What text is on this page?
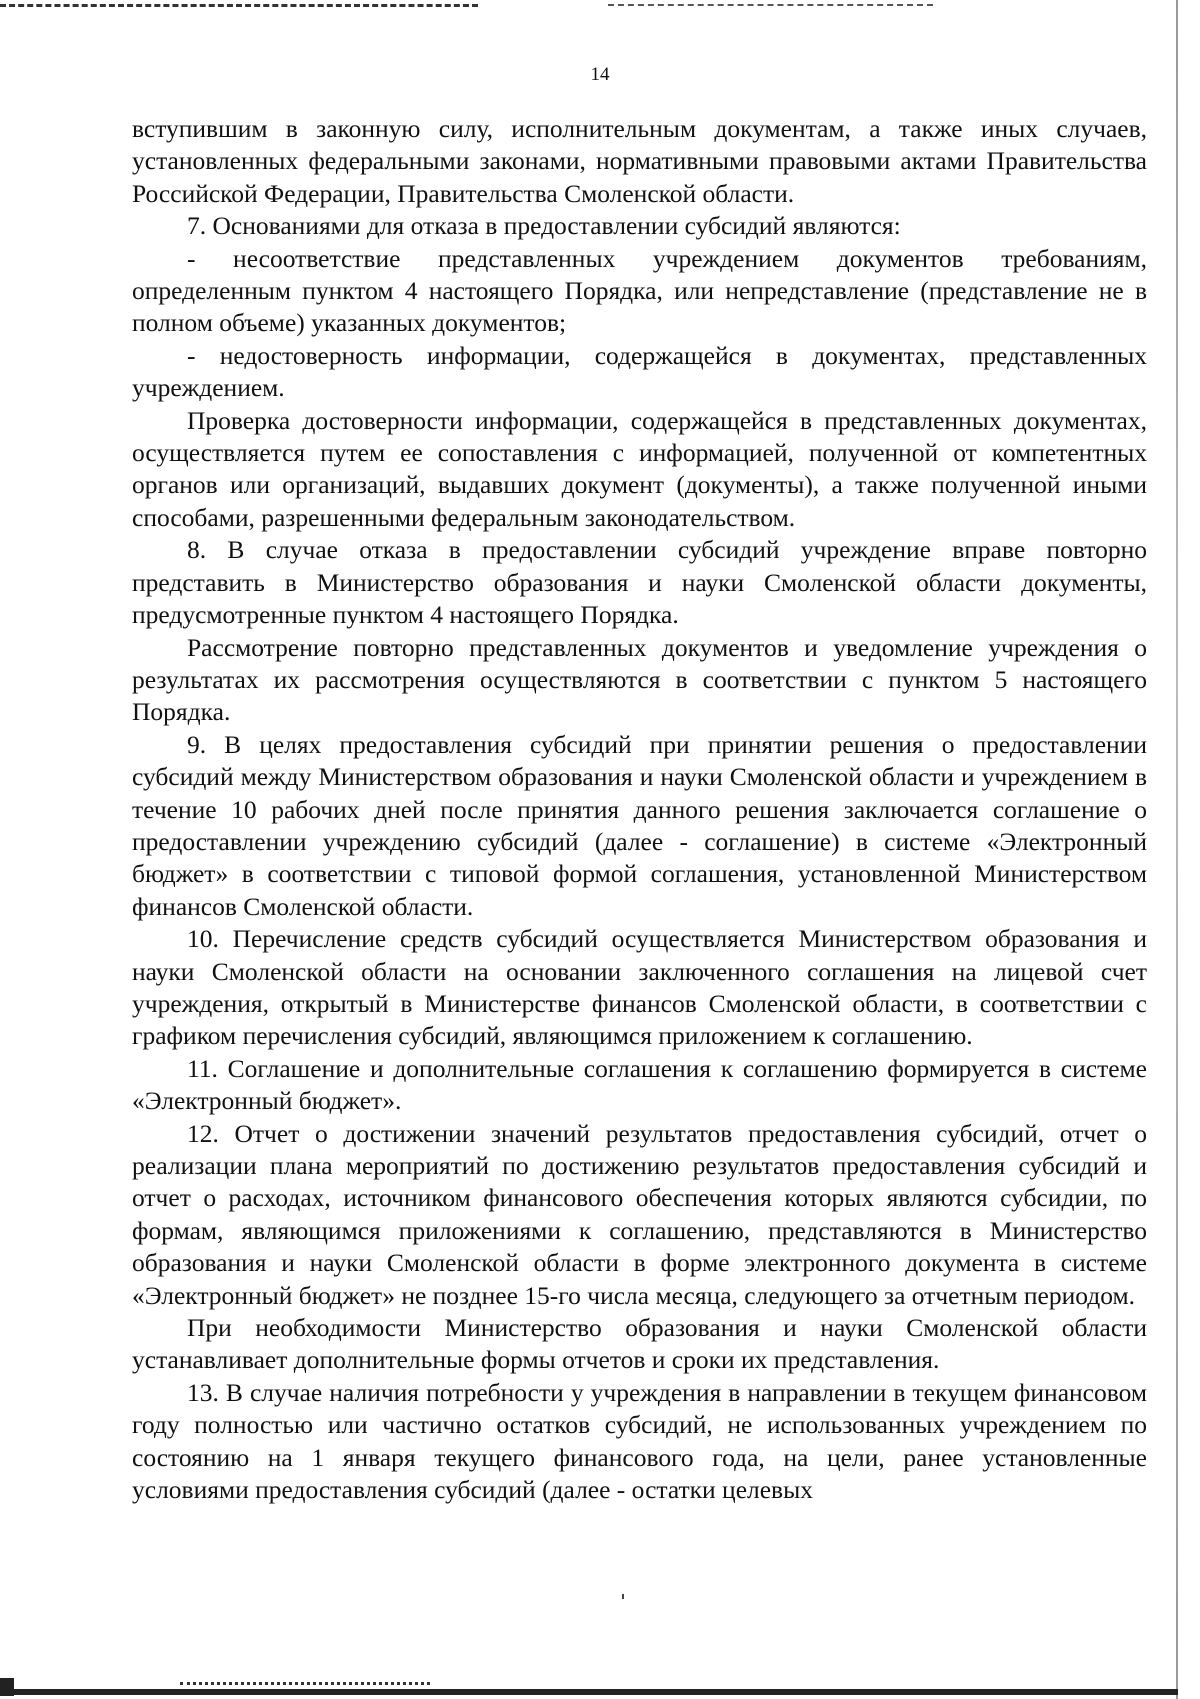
14

вступившим в законную силу, исполнительным документам, а также иных случаев, установленных федеральными законами, нормативными правовыми актами Правительства Российской Федерации, Правительства Смоленской области.

7. Основаниями для отказа в предоставлении субсидий являются:

- несоответствие представленных учреждением документов требованиям, определенным пунктом 4 настоящего Порядка, или непредставление (представление не в полном объеме) указанных документов;

- недостоверность информации, содержащейся в документах, представленных учреждением.

Проверка достоверности информации, содержащейся в представленных документах, осуществляется путем ее сопоставления с информацией, полученной от компетентных органов или организаций, выдавших документ (документы), а также полученной иными способами, разрешенными федеральным законодательством.

8. В случае отказа в предоставлении субсидий учреждение вправе повторно представить в Министерство образования и науки Смоленской области документы, предусмотренные пунктом 4 настоящего Порядка.

Рассмотрение повторно представленных документов и уведомление учреждения о результатах их рассмотрения осуществляются в соответствии с пунктом 5 настоящего Порядка.

9. В целях предоставления субсидий при принятии решения о предоставлении субсидий между Министерством образования и науки Смоленской области и учреждением в течение 10 рабочих дней после принятия данного решения заключается соглашение о предоставлении учреждению субсидий (далее - соглашение) в системе «Электронный бюджет» в соответствии с типовой формой соглашения, установленной Министерством финансов Смоленской области.

10. Перечисление средств субсидий осуществляется Министерством образования и науки Смоленской области на основании заключенного соглашения на лицевой счет учреждения, открытый в Министерстве финансов Смоленской области, в соответствии с графиком перечисления субсидий, являющимся приложением к соглашению.

11. Соглашение и дополнительные соглашения к соглашению формируется в системе «Электронный бюджет».

12. Отчет о достижении значений результатов предоставления субсидий, отчет о реализации плана мероприятий по достижению результатов предоставления субсидий и отчет о расходах, источником финансового обеспечения которых являются субсидии, по формам, являющимся приложениями к соглашению, представляются в Министерство образования и науки Смоленской области в форме электронного документа в системе «Электронный бюджет» не позднее 15-го числа месяца, следующего за отчетным периодом.

При необходимости Министерство образования и науки Смоленской области устанавливает дополнительные формы отчетов и сроки их представления.

13. В случае наличия потребности у учреждения в направлении в текущем финансовом году полностью или частично остатков субсидий, не использованных учреждением по состоянию на 1 января текущего финансового года, на цели, ранее установленные условиями предоставления субсидий (далее - остатки целевых
